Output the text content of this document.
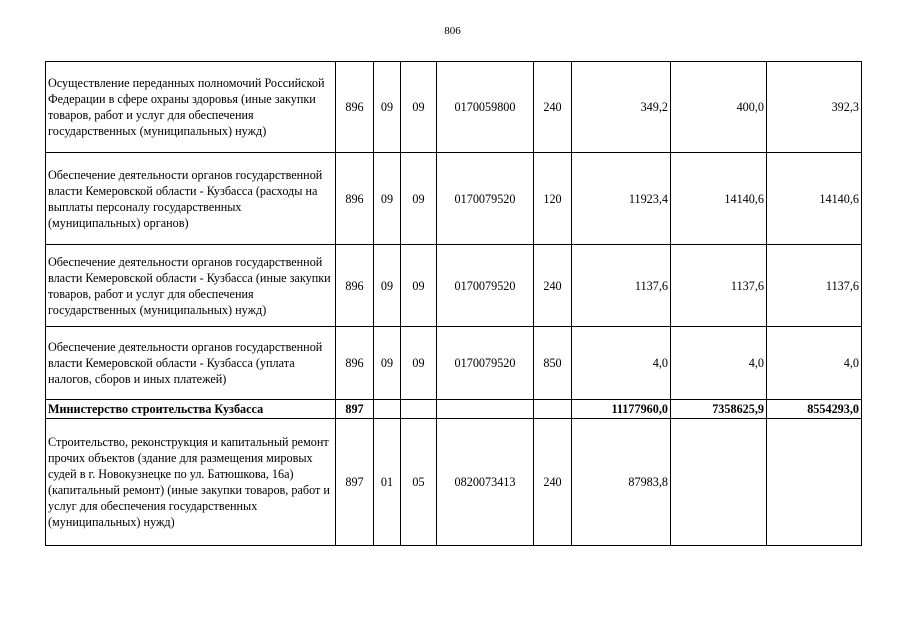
806
Осуществление переданных полномочий Российской Федерации в сфере охраны здоровья (иные закупки товаров, работ и услуг для обеспечения государственных (муниципальных) нужд)	896	09	09	0170059800	240	349,2	400,0	392,3
Обеспечение деятельности органов государственной власти Кемеровской области - Кузбасса (расходы на выплаты персоналу государственных (муниципальных) органов)	896	09	09	0170079520	120	11923,4	14140,6	14140,6
Обеспечение деятельности органов государственной власти Кемеровской области - Кузбасса (иные закупки товаров, работ и услуг для обеспечения государственных (муниципальных) нужд)	896	09	09	0170079520	240	1137,6	1137,6	1137,6
Обеспечение деятельности органов государственной власти Кемеровской области - Кузбасса (уплата налогов, сборов и иных платежей)	896	09	09	0170079520	850	4,0	4,0	4,0
Министерство строительства Кузбасса	897					11177960,0	7358625,9	8554293,0
Строительство, реконструкция и капитальный ремонт прочих объектов (здание для размещения мировых судей в г. Новокузнецке по ул. Батюшкова, 16а) (капитальный ремонт) (иные закупки товаров, работ и услуг для обеспечения государственных (муниципальных) нужд)	897	01	05	0820073413	240	87983,8		
